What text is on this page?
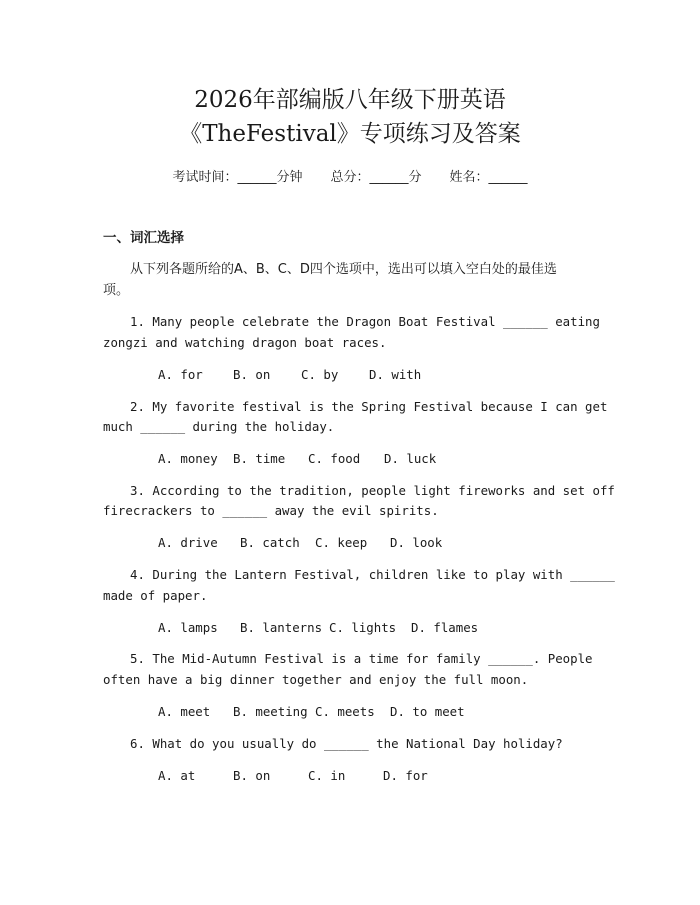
2026年部编版八年级下册英语
《TheFestival》专项练习及答案
考试时间：______分钟 总分：______分 姓名：______
一、词汇选择
从下列各题所给的A、B、C、D四个选项中，选出可以填入空白处的最佳选
项。
1. Many people celebrate the Dragon Boat Festival ______ eating
zongzi and watching dragon boat races.
A. for B. on C. by D. with
2. My favorite festival is the Spring Festival because I can get
much ______ during the holiday.
A. money B. time C. food D. luck
3. According to the tradition, people light fireworks and set off
firecrackers to ______ away the evil spirits.
A. drive B. catch C. keep D. look
4. During the Lantern Festival, children like to play with ______
made of paper.
A. lamps B. lanterns C. lights D. flames
5. The Mid-Autumn Festival is a time for family ______. People
often have a big dinner together and enjoy the full moon.
A. meet B. meeting C. meets D. to meet
6. What do you usually do ______ the National Day holiday?
A. at	B. on	C. in	D. for
